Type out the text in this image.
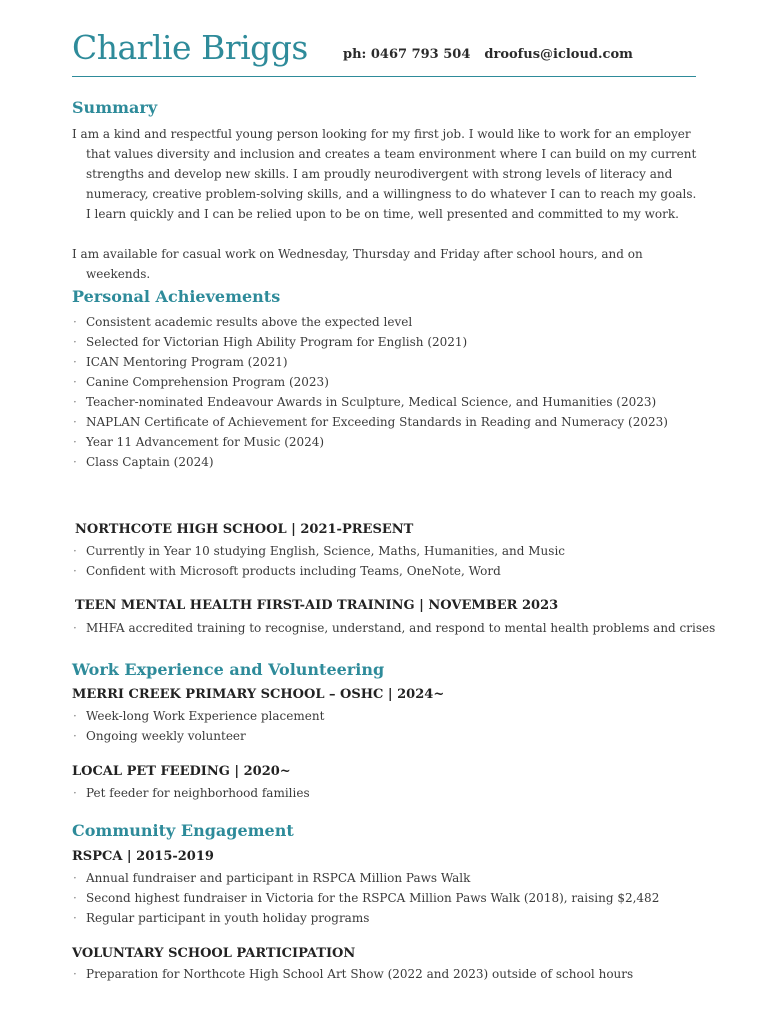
Charlie Briggs	ph: 0467 793 504 droofus@icloud.com
Summary

I am a kind and respectful young person looking for my first job. I would like to work for an employer that values diversity and inclusion and creates a team environment where I can build on my current strengths and develop new skills. I am proudly neurodivergent with strong levels of literacy and numeracy, creative problem-solving skills, and a willingness to do whatever I can to reach my goals. I learn quickly and I can be relied upon to be on time, well presented and committed to my work.

I am available for casual work on Wednesday, Thursday and Friday after school hours, and on weekends.

Personal Achievements
· Consistent academic results above the expected level
· Selected for Victorian High Ability Program for English (2021)
· ICAN Mentoring Program (2021)
· Canine Comprehension Program (2023)
· Teacher-nominated Endeavour Awards in Sculpture, Medical Science, and Humanities (2023)
· NAPLAN Certificate of Achievement for Exceeding Standards in Reading and Numeracy (2023)
· Year 11 Advancement for Music (2024)
· Class Captain (2024)
NORTHCOTE HIGH SCHOOL | 2021-PRESENT
· Currently in Year 10 studying English, Science, Maths, Humanities, and Music
· Confident with Microsoft products including Teams, OneNote, Word
TEEN MENTAL HEALTH FIRST-AID TRAINING | NOVEMBER 2023
· MHFA accredited training to recognise, understand, and respond to mental health problems and crises
Work Experience and Volunteering
MERRI CREEK PRIMARY SCHOOL – OSHC | 2024~
· Week-long Work Experience placement
· Ongoing weekly volunteer
LOCAL PET FEEDING | 2020~
· Pet feeder for neighborhood families
Community Engagement
RSPCA | 2015-2019
· Annual fundraiser and participant in RSPCA Million Paws Walk
· Second highest fundraiser in Victoria for the RSPCA Million Paws Walk (2018), raising $2,482
· Regular participant in youth holiday programs
VOLUNTARY SCHOOL PARTICIPATION
· Preparation for Northcote High School Art Show (2022 and 2023) outside of school hours
